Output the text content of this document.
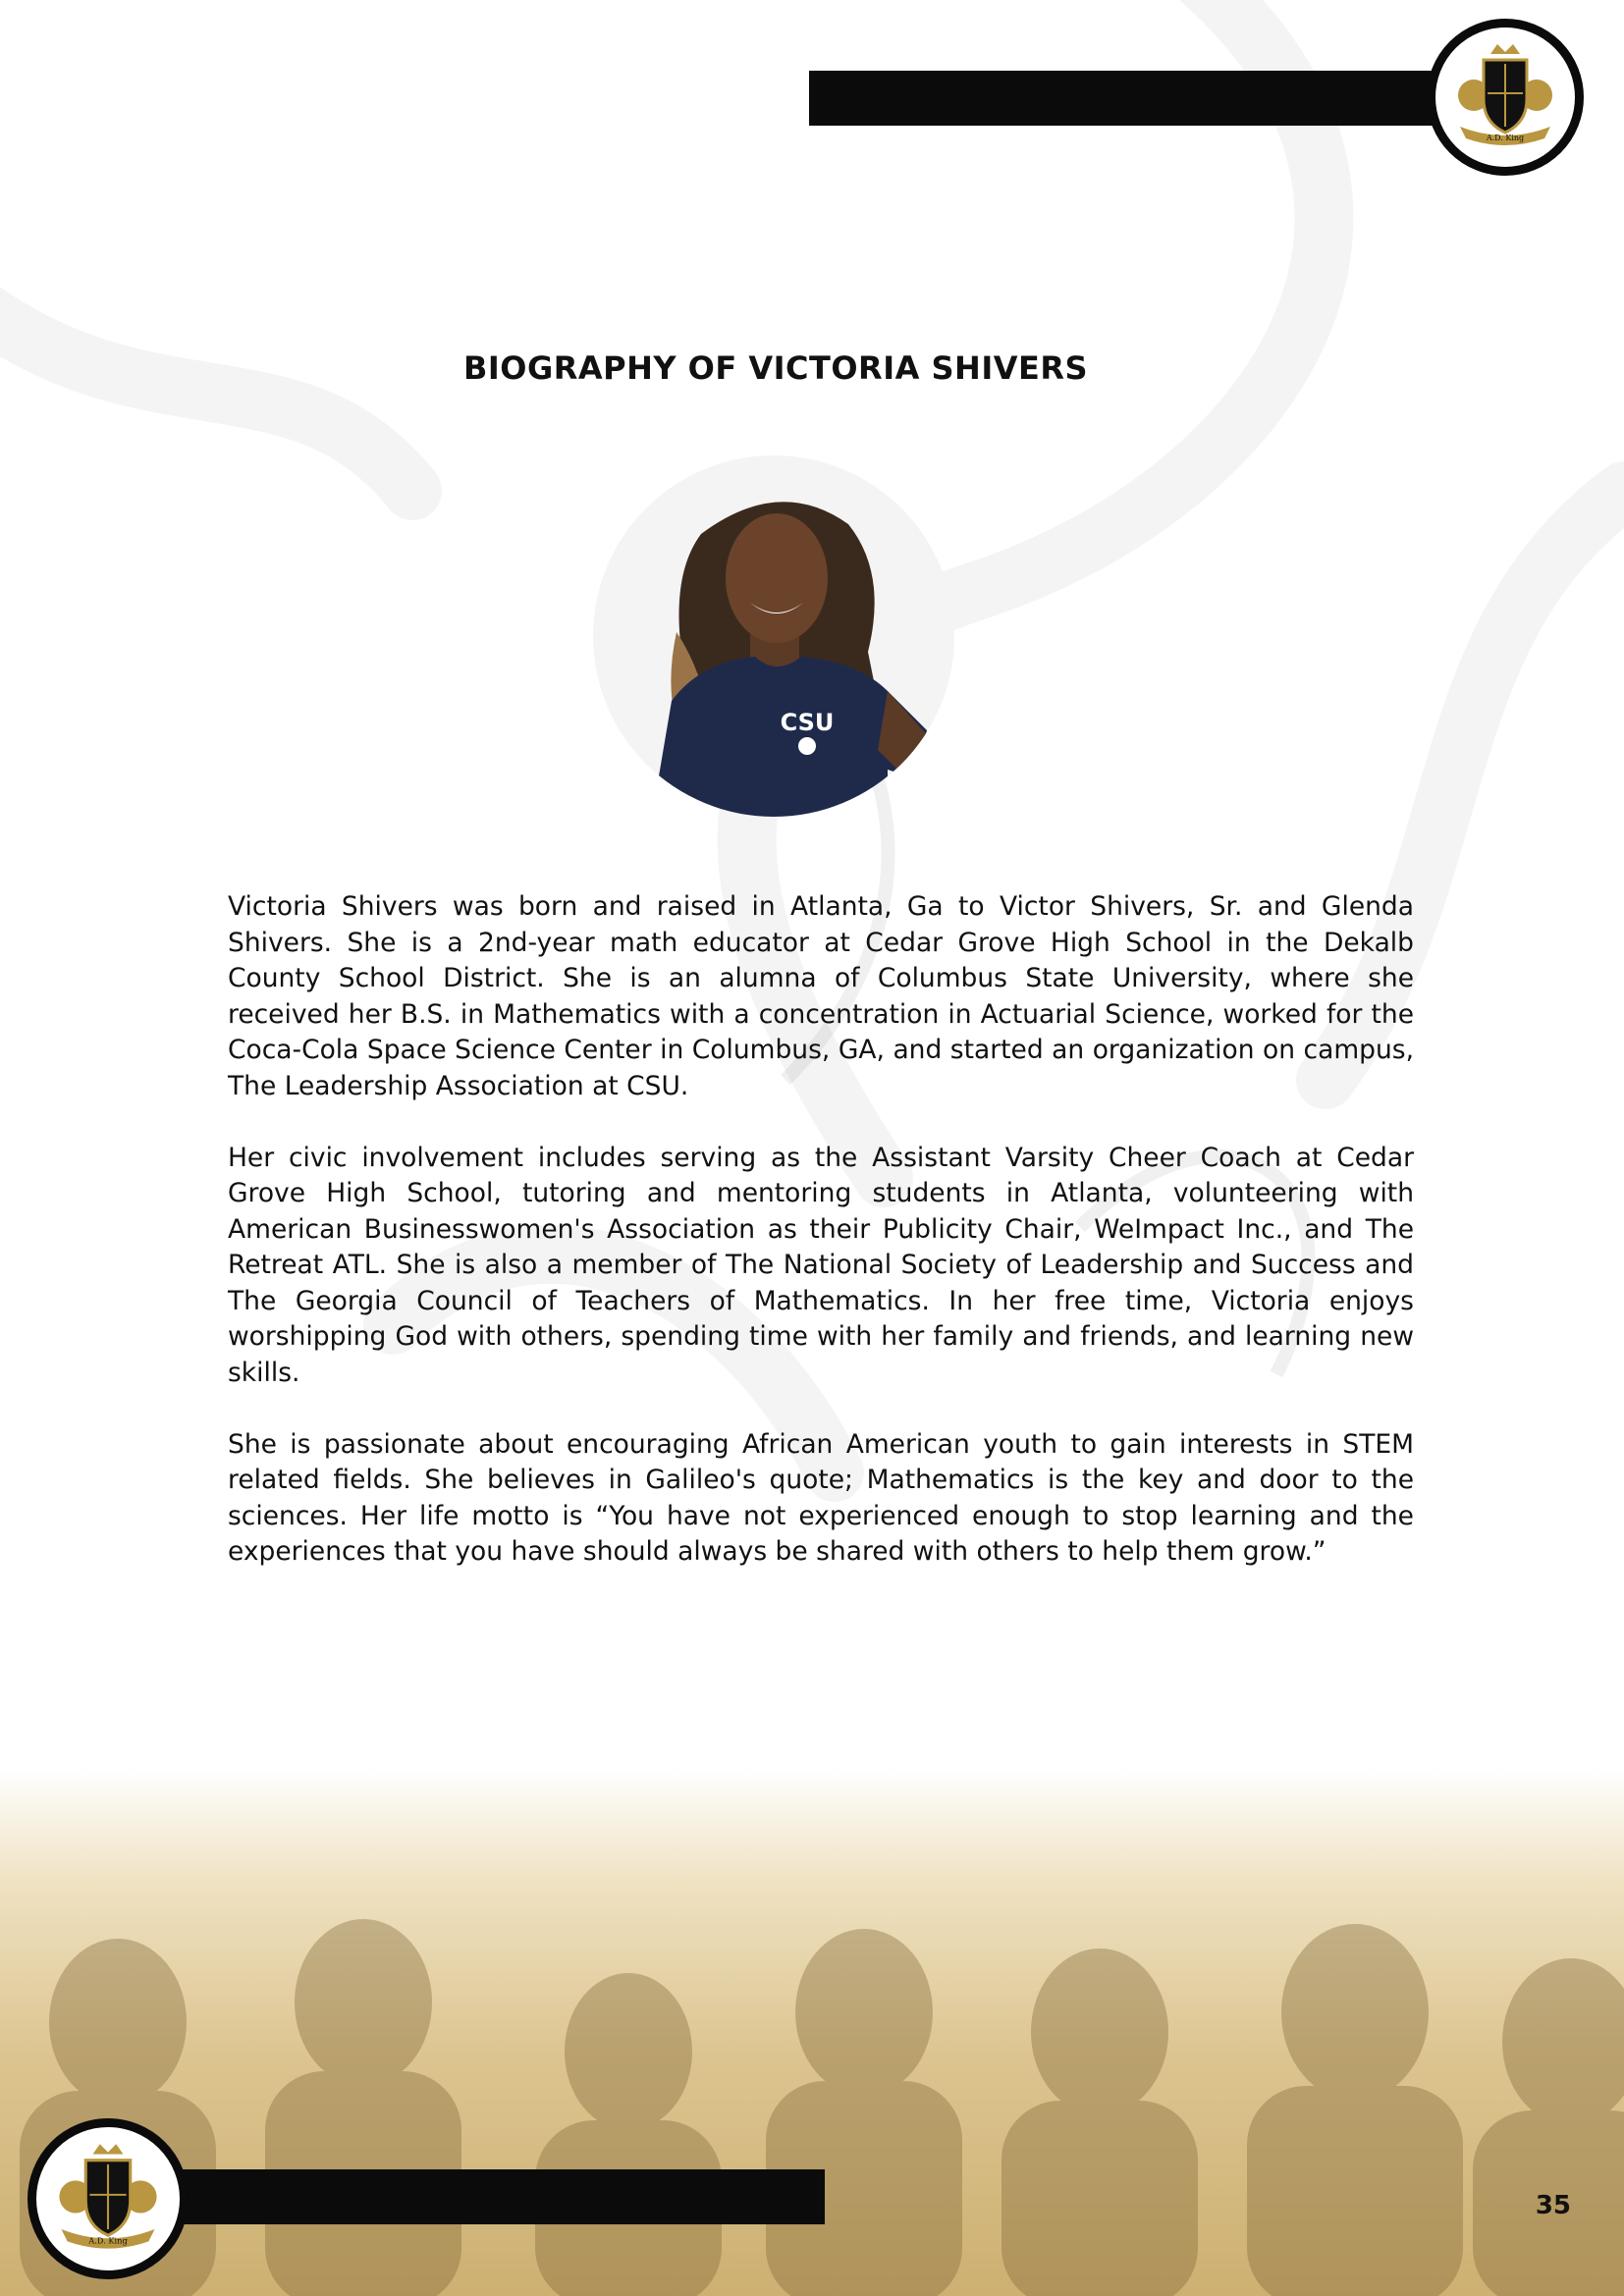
A.D. King
BIOGRAPHY OF VICTORIA SHIVERS
CSU

Victoria Shivers was born and raised in Atlanta, Ga to Victor Shivers, Sr. and Glenda Shivers. She is a 2nd-year math educator at Cedar Grove High School in the Dekalb County School District. She is an alumna of Columbus State University, where she received her B.S. in Mathematics with a concentration in Actuarial Science, worked for the Coca-Cola Space Science Center in Columbus, GA, and started an organization on campus, The Leadership Association at CSU.

Her civic involvement includes serving as the Assistant Varsity Cheer Coach at Cedar Grove High School, tutoring and mentoring students in Atlanta, volunteering with American Businesswomen's Association as their Publicity Chair, WeImpact Inc., and The Retreat ATL. She is also a member of The National Society of Leadership and Success and The Georgia Council of Teachers of Mathematics. In her free time, Victoria enjoys worshipping God with others, spending time with her family and friends, and learning new skills.

She is passionate about encouraging African American youth to gain interests in STEM related fields. She believes in Galileo's quote; Mathematics is the key and door to the sciences. Her life motto is “You have not experienced enough to stop learning and the experiences that you have should always be shared with others to help them grow.”

A.D. King
35
